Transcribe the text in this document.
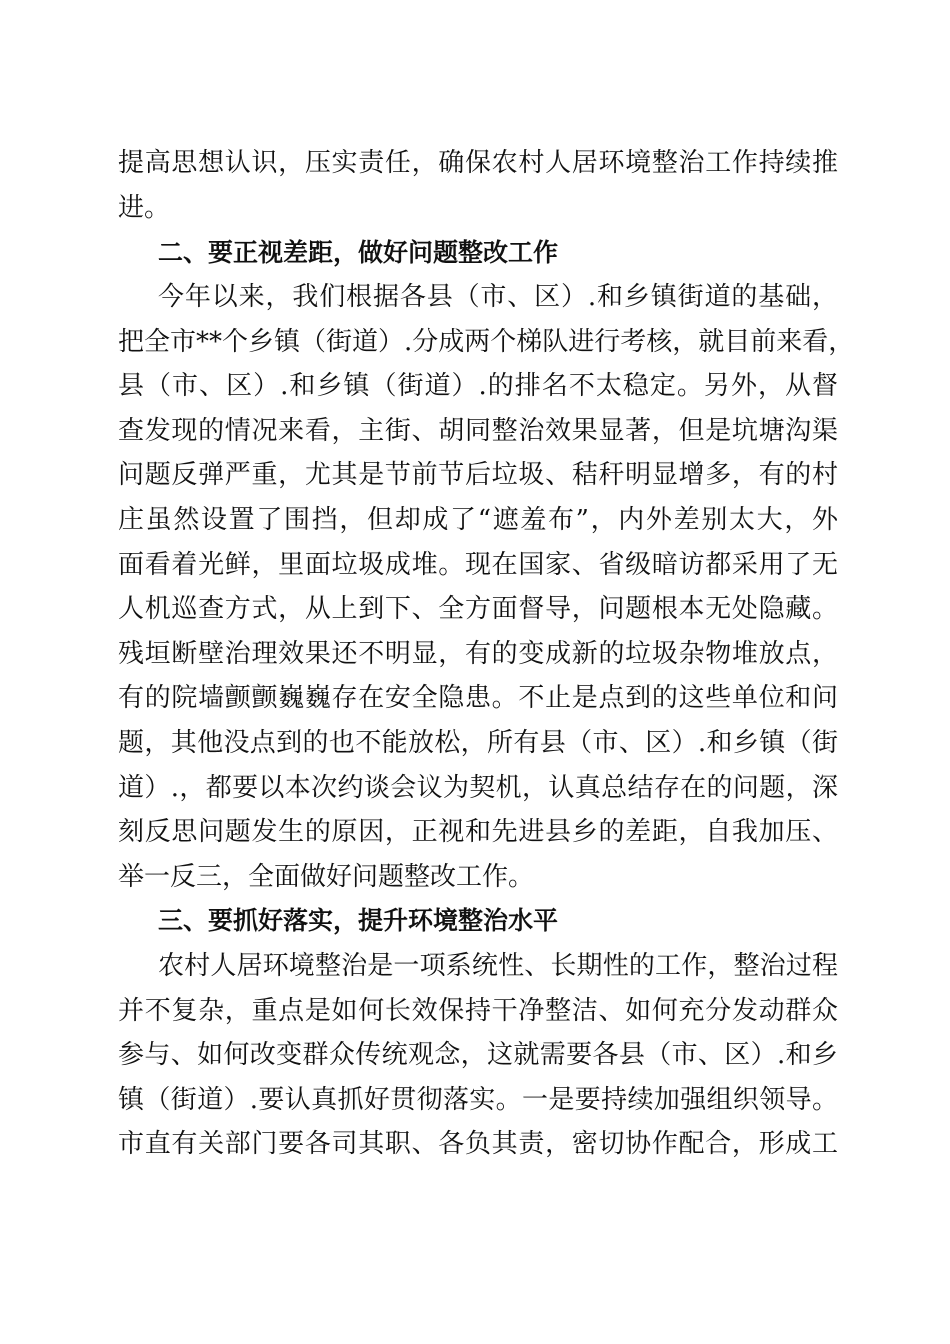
提高思想认识，压实责任，确保农村人居环境整治工作持续推
进。
二、要正视差距，做好问题整改工作
今年以来，我们根据各县（市、区）.和乡镇街道的基础，
把全市**个乡镇（街道）.分成两个梯队进行考核，就目前来看，
县（市、区）.和乡镇（街道）.的排名不太稳定。另外，从督
查发现的情况来看，主街、胡同整治效果显著，但是坑塘沟渠
问题反弹严重，尤其是节前节后垃圾、秸秆明显增多，有的村
庄虽然设置了围挡，但却成了“遮羞布”，内外差别太大，外
面看着光鲜，里面垃圾成堆。现在国家、省级暗访都采用了无
人机巡查方式，从上到下、全方面督导，问题根本无处隐藏。
残垣断壁治理效果还不明显，有的变成新的垃圾杂物堆放点，
有的院墙颤颤巍巍存在安全隐患。不止是点到的这些单位和问
题，其他没点到的也不能放松，所有县（市、区）.和乡镇（街
道）.，都要以本次约谈会议为契机，认真总结存在的问题，深
刻反思问题发生的原因，正视和先进县乡的差距，自我加压、
举一反三，全面做好问题整改工作。
三、要抓好落实，提升环境整治水平
农村人居环境整治是一项系统性、长期性的工作，整治过程
并不复杂，重点是如何长效保持干净整洁、如何充分发动群众
参与、如何改变群众传统观念，这就需要各县（市、区）.和乡
镇（街道）.要认真抓好贯彻落实。一是要持续加强组织领导。
市直有关部门要各司其职、各负其责，密切协作配合，形成工
